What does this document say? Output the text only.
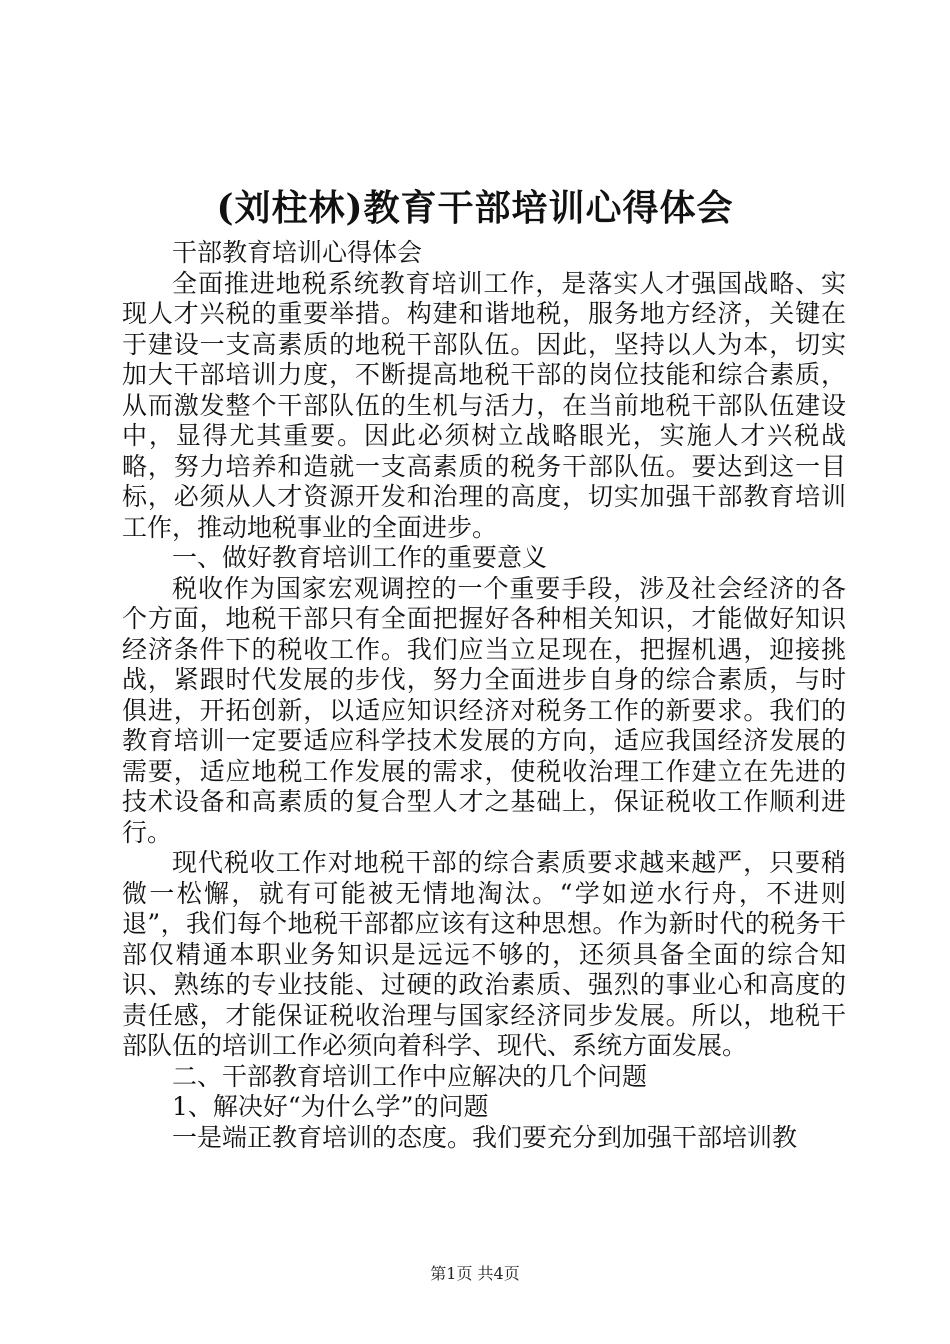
(刘柱林)教育干部培训心得体会

干部教育培训心得体会

全面推进地税系统教育培训工作，是落实人才强国战略、实现人才兴税的重要举措。构建和谐地税，服务地方经济，关键在于建设一支高素质的地税干部队伍。因此，坚持以人为本，切实加大干部培训力度，不断提高地税干部的岗位技能和综合素质，从而激发整个干部队伍的生机与活力，在当前地税干部队伍建设中，显得尤其重要。因此必须树立战略眼光，实施人才兴税战略，努力培养和造就一支高素质的税务干部队伍。要达到这一目标，必须从人才资源开发和治理的高度，切实加强干部教育培训工作，推动地税事业的全面进步。

一、做好教育培训工作的重要意义

税收作为国家宏观调控的一个重要手段，涉及社会经济的各个方面，地税干部只有全面把握好各种相关知识，才能做好知识经济条件下的税收工作。我们应当立足现在，把握机遇，迎接挑战，紧跟时代发展的步伐，努力全面进步自身的综合素质，与时俱进，开拓创新，以适应知识经济对税务工作的新要求。我们的教育培训一定要适应科学技术发展的方向，适应我国经济发展的需要，适应地税工作发展的需求，使税收治理工作建立在先进的技术设备和高素质的复合型人才之基础上，保证税收工作顺利进行。

现代税收工作对地税干部的综合素质要求越来越严，只要稍微一松懈，就有可能被无情地淘汰。“学如逆水行舟，不进则退”，我们每个地税干部都应该有这种思想。作为新时代的税务干部仅精通本职业务知识是远远不够的，还须具备全面的综合知识、熟练的专业技能、过硬的政治素质、强烈的事业心和高度的责任感，才能保证税收治理与国家经济同步发展。所以，地税干部队伍的培训工作必须向着科学、现代、系统方面发展。

二、干部教育培训工作中应解决的几个问题

1、解决好“为什么学”的问题

一是端正教育培训的态度。我们要充分到加强干部培训教

第1页 共4页
